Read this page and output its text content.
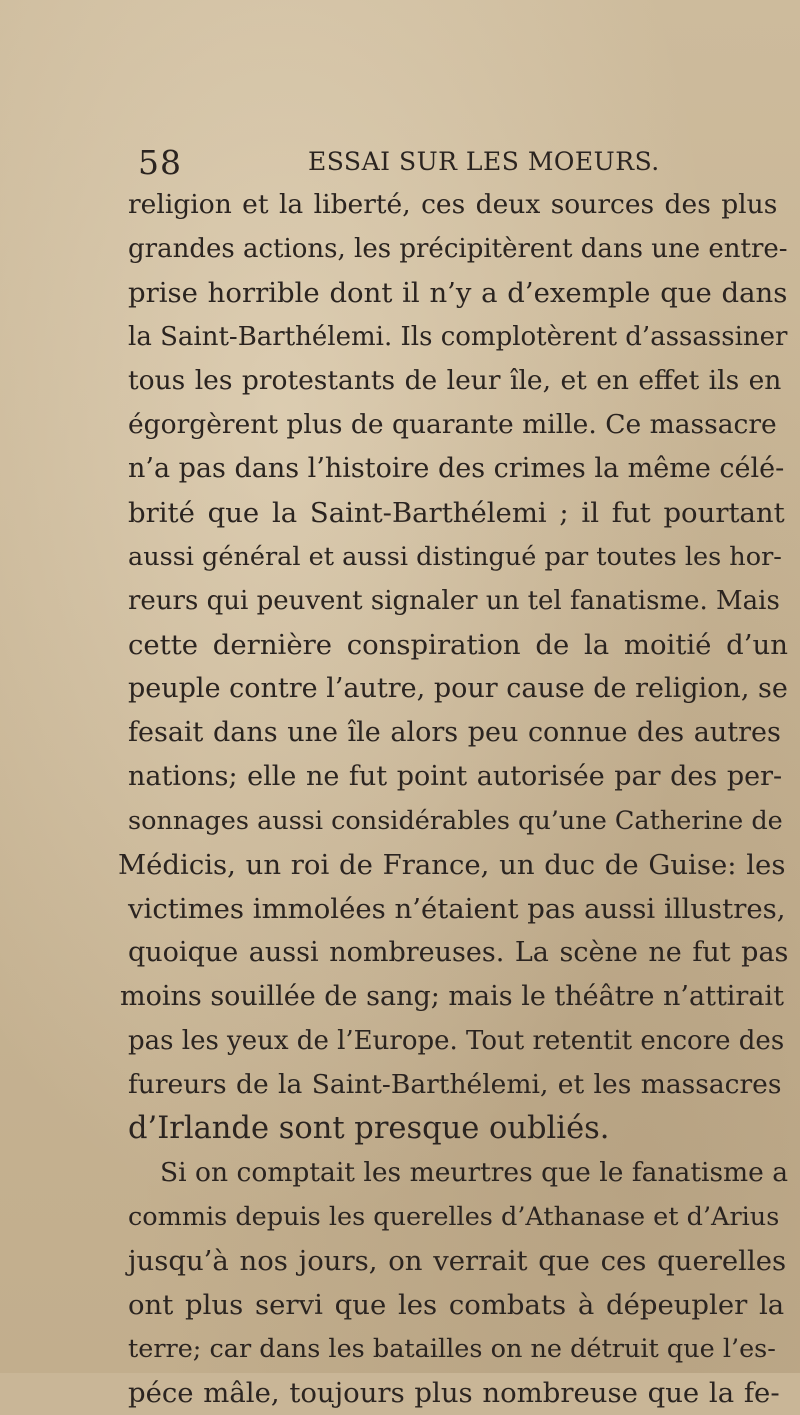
58	ESSAI SUR LES MOEURS.
religion et la liberté, ces deux sources des plus
grandes actions, les précipitèrent dans une entre-
prise horrible dont il n’y a d’exemple que dans
la Saint-Barthélemi. Ils complotèrent d’assassiner
tous les protestants de leur île, et en effet ils en
égorgèrent plus de quarante mille. Ce massacre
n’a pas dans l’histoire des crimes la même célé-
brité que la Saint-Barthélemi ; il fut pourtant
aussi général et aussi distingué par toutes les hor-
reurs qui peuvent signaler un tel fanatisme. Mais
cette dernière conspiration de la moitié d’un
peuple contre l’autre, pour cause de religion, se
fesait dans une île alors peu connue des autres
nations; elle ne fut point autorisée par des per-
sonnages aussi considérables qu’une Catherine de
Médicis, un roi de France, un duc de Guise: les
victimes immolées n’étaient pas aussi illustres,
quoique aussi nombreuses. La scène ne fut pas
moins souillée de sang; mais le théâtre n’attirait
pas les yeux de l’Europe. Tout retentit encore des
fureurs de la Saint-Barthélemi, et les massacres
d’Irlande sont presque oubliés.
Si on comptait les meurtres que le fanatisme a
commis depuis les querelles d’Athanase et d’Arius
jusqu’à nos jours, on verrait que ces querelles
ont plus servi que les combats à dépeupler la
terre; car dans les batailles on ne détruit que l’es-
péce mâle, toujours plus nombreuse que la fe-
